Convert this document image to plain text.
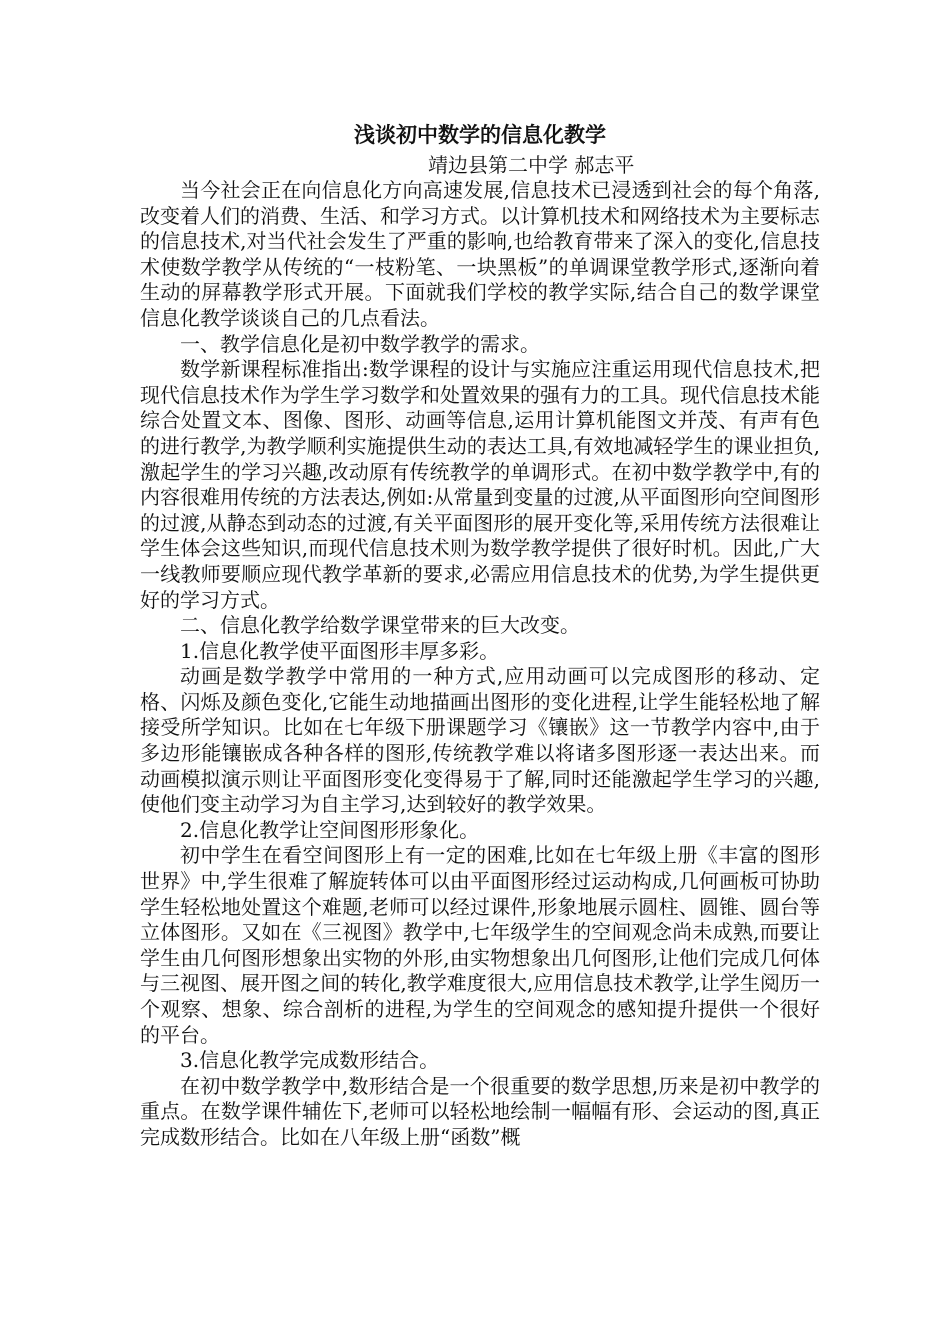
浅谈初中数学的信息化教学

靖边县第二中学 郝志平

当今社会正在向信息化方向高速发展,信息技术已浸透到社会的每个角落,改变着人们的消费、生活、和学习方式。以计算机技术和网络技术为主要标志的信息技术,对当代社会发生了严重的影响,也给教育带来了深入的变化,信息技术使数学教学从传统的“一枝粉笔、一块黑板”的单调课堂教学形式,逐渐向着生动的屏幕教学形式开展。下面就我们学校的教学实际,结合自己的数学课堂信息化教学谈谈自己的几点看法。

一、教学信息化是初中数学教学的需求。

数学新课程标准指出:数学课程的设计与实施应注重运用现代信息技术,把现代信息技术作为学生学习数学和处置效果的强有力的工具。现代信息技术能综合处置文本、图像、图形、动画等信息,运用计算机能图文并茂、有声有色的进行教学,为教学顺利实施提供生动的表达工具,有效地减轻学生的课业担负,激起学生的学习兴趣,改动原有传统教学的单调形式。在初中数学教学中,有的内容很难用传统的方法表达,例如:从常量到变量的过渡,从平面图形向空间图形的过渡,从静态到动态的过渡,有关平面图形的展开变化等,采用传统方法很难让学生体会这些知识,而现代信息技术则为数学教学提供了很好时机。因此,广大一线教师要顺应现代教学革新的要求,必需应用信息技术的优势,为学生提供更好的学习方式。

二、信息化教学给数学课堂带来的巨大改变。

1.信息化教学使平面图形丰厚多彩。

动画是数学教学中常用的一种方式,应用动画可以完成图形的移动、定格、闪烁及颜色变化,它能生动地描画出图形的变化进程,让学生能轻松地了解接受所学知识。比如在七年级下册课题学习《镶嵌》这一节教学内容中,由于多边形能镶嵌成各种各样的图形,传统教学难以将诸多图形逐一表达出来。而动画模拟演示则让平面图形变化变得易于了解,同时还能激起学生学习的兴趣,使他们变主动学习为自主学习,达到较好的教学效果。

2.信息化教学让空间图形形象化。

初中学生在看空间图形上有一定的困难,比如在七年级上册《丰富的图形世界》中,学生很难了解旋转体可以由平面图形经过运动构成,几何画板可协助学生轻松地处置这个难题,老师可以经过课件,形象地展示圆柱、圆锥、圆台等立体图形。又如在《三视图》教学中,七年级学生的空间观念尚未成熟,而要让学生由几何图形想象出实物的外形,由实物想象出几何图形,让他们完成几何体与三视图、展开图之间的转化,教学难度很大,应用信息技术教学,让学生阅历一个观察、想象、综合剖析的进程,为学生的空间观念的感知提升提供一个很好的平台。

3.信息化教学完成数形结合。

在初中数学教学中,数形结合是一个很重要的数学思想,历来是初中教学的重点。在数学课件辅佐下,老师可以轻松地绘制一幅幅有形、会运动的图,真正完成数形结合。比如在八年级上册“函数”概
